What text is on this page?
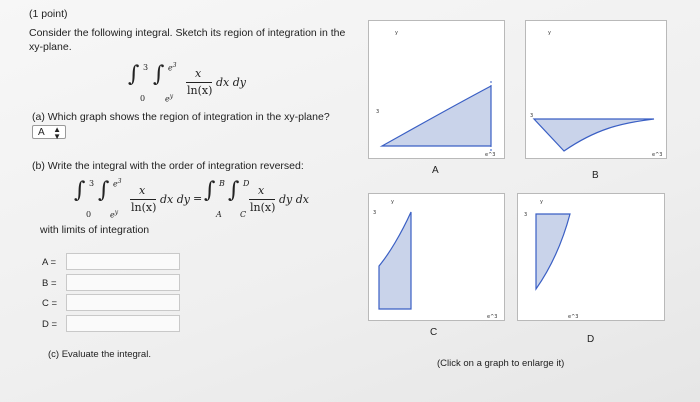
(1 point)
Consider the following integral. Sketch its region of integration in the
xy-plane.
∫ 3
0
∫ $e^3$
$e^y$
x
ln(x)
dx dy
(a) Which graph shows the region of integration in the xy-plane?
A ▲
▼
(b) Write the integral with the order of integration reversed:
∫ 3
0
∫ $e^3$
$e^y$
x
ln(x)
dx dy = ∫ B
A
∫ D
C
x
ln(x)
dy dx
with limits of integration
A =
B =
C =
D =
(c) Evaluate the integral.
y
3
e^3
A
y
3
e^3
B
y
3
e^3
C
y
3
e^3
D
(Click on a graph to enlarge it)
